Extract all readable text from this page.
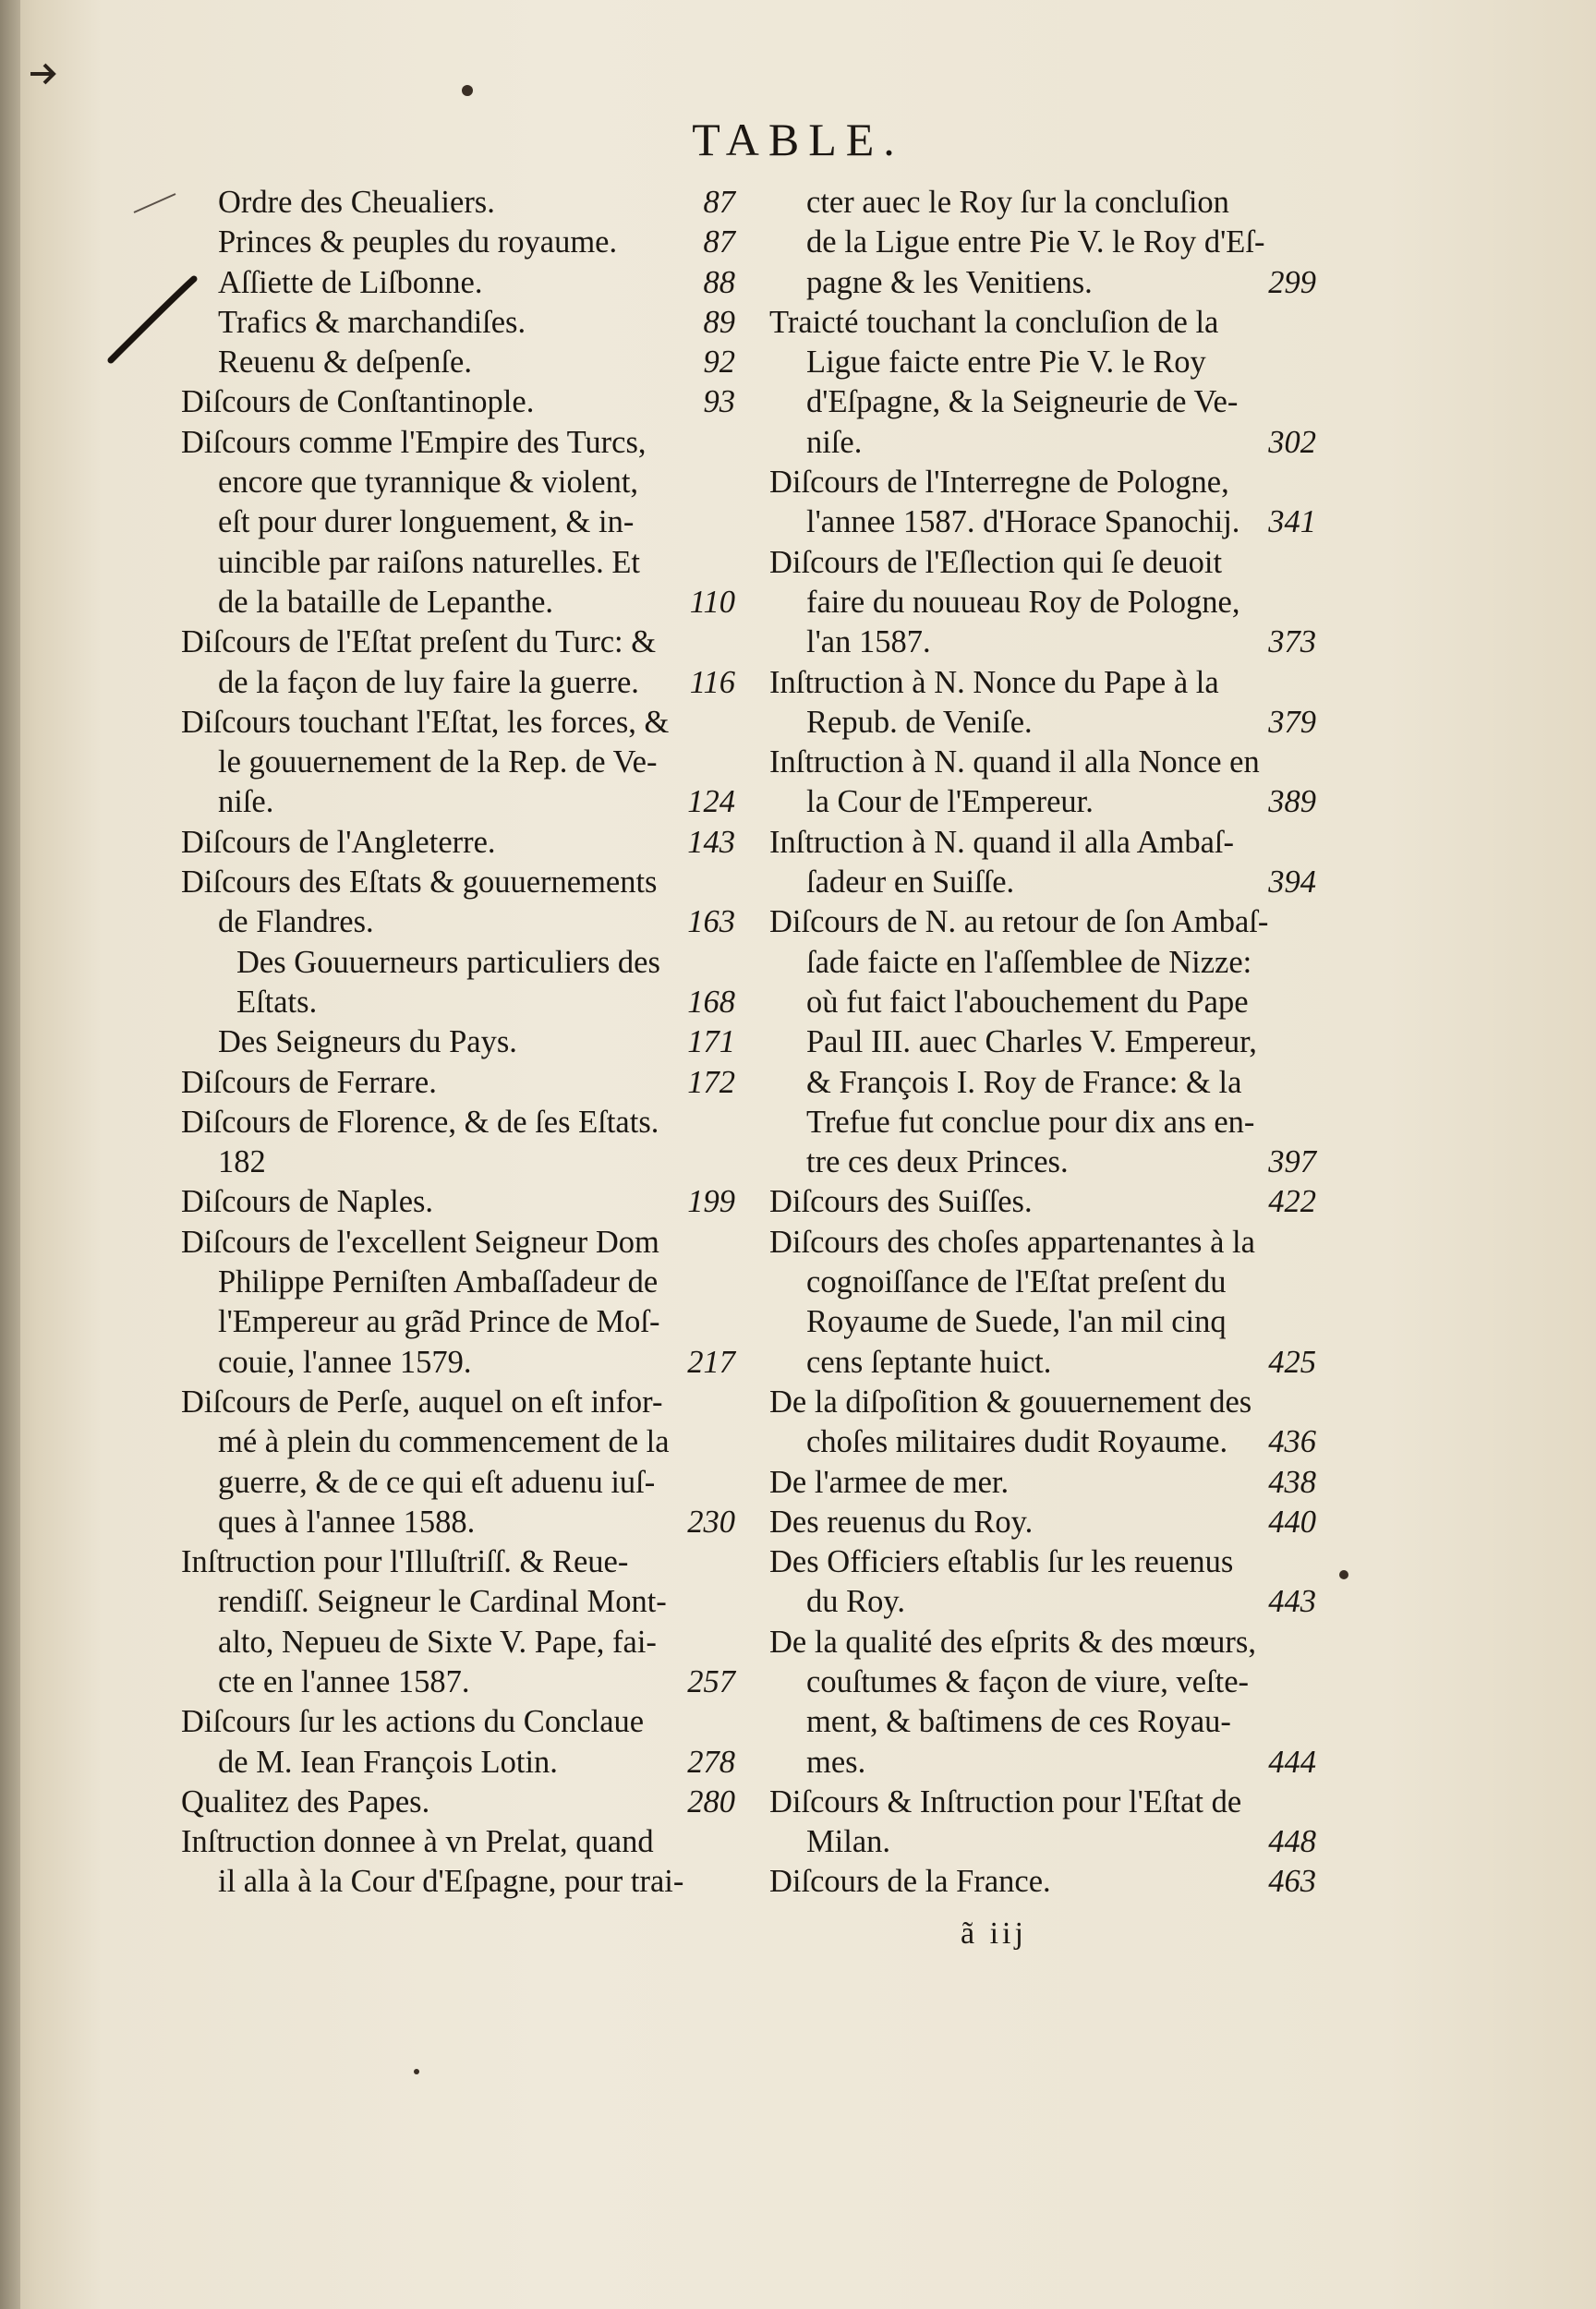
TABLE.
Ordre des Cheualiers.	87
Princes & peuples du royaume.	87
Aſſiette de Liſbonne.	88
Trafics & marchandiſes.	89
Reuenu & deſpenſe.	92
Diſcours de Conſtantinople.	93
Diſcours comme l'Empire des Turcs,
encore que tyrannique & violent,
eſt pour durer longuement, & in-
uincible par raiſons naturelles. Et
de la bataille de Lepanthe.	110
Diſcours de l'Eſtat preſent du Turc: &
de la façon de luy faire la guerre. 116
Diſcours touchant l'Eſtat, les forces, &
le gouuernement de la Rep. de Ve-
niſe.	124
Diſcours de l'Angleterre.	143
Diſcours des Eſtats & gouuernements
de Flandres.	163
Des Gouuerneurs particuliers des
Eſtats.	168
Des Seigneurs du Pays.	171
Diſcours de Ferrare.	172
Diſcours de Florence, & de ſes Eſtats.
182
Diſcours de Naples.	199
Diſcours de l'excellent Seigneur Dom
Philippe Perniſten Ambaſſadeur de
l'Empereur au grãd Prince de Moſ-
couie, l'annee 1579.	217
Diſcours de Perſe, auquel on eſt infor-
mé à plein du commencement de la
guerre, & de ce qui eſt aduenu iuſ-
ques à l'annee 1588.	230
Inſtruction pour l'Illuſtriſſ. & Reue-
rendiſſ. Seigneur le Cardinal Mont-
alto, Nepueu de Sixte V. Pape, fai-
cte en l'annee 1587.	257
Diſcours ſur les actions du Conclaue
de M. Iean François Lotin.	278
Qualitez des Papes.	280
Inſtruction donnee à vn Prelat, quand
il alla à la Cour d'Eſpagne, pour trai-
cter auec le Roy ſur la concluſion
de la Ligue entre Pie V. le Roy d'Eſ-
pagne & les Venitiens.	299
Traicté touchant la concluſion de la
Ligue faicte entre Pie V. le Roy
d'Eſpagne, & la Seigneurie de Ve-
niſe.	302
Diſcours de l'Interregne de Pologne,
l'annee 1587. d'Horace Spanochij. 341
Diſcours de l'Eſlection qui ſe deuoit
faire du nouueau Roy de Pologne,
l'an 1587.	373
Inſtruction à N. Nonce du Pape à la
Repub. de Veniſe.	379
Inſtruction à N. quand il alla Nonce en
la Cour de l'Empereur.	389
Inſtruction à N. quand il alla Ambaſ-
ſadeur en Suiſſe.	394
Diſcours de N. au retour de ſon Ambaſ-
ſade faicte en l'aſſemblee de Nizze:
où fut faict l'abouchement du Pape
Paul III. auec Charles V. Empereur,
& François I. Roy de France: & la
Trefue fut conclue pour dix ans en-
tre ces deux Princes.	397
Diſcours des Suiſſes.	422
Diſcours des choſes appartenantes à la
cognoiſſance de l'Eſtat preſent du
Royaume de Suede, l'an mil cinq
cens ſeptante huict.	425
De la diſpoſition & gouuernement des
choſes militaires dudit Royaume. 436
De l'armee de mer.	438
Des reuenus du Roy.	440
Des Officiers eſtablis ſur les reuenus
du Roy.	443
De la qualité des eſprits & des mœurs,
couſtumes & façon de viure, veſte-
ment, & baſtimens de ces Royau-
mes.	444
Diſcours & Inſtruction pour l'Eſtat de
Milan.	448
Diſcours de la France.	463
ã iij
